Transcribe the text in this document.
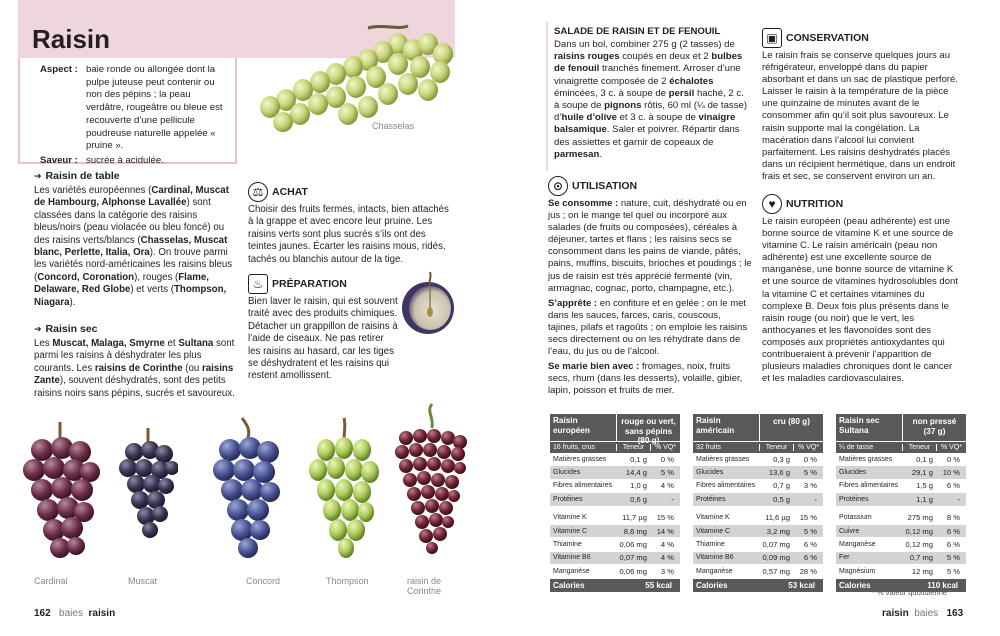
Raisin
Aspect : baie ronde ou allongée dont la pulpe juteuse peut contenir ou non des pépins ; la peau verdâtre, rougeâtre ou bleue est recouverte d’une pellicule poudreuse naturelle appelée « pruine ».
Saveur : sucrée à acidulée.
Chasselas
➔ Raisin de table
Les variétés européennes (Cardinal, Muscat de Hambourg, Alphonse Lavallée) sont classées dans la catégorie des raisins bleus/noirs (peau violacée ou bleu foncé) ou des raisins verts/blancs (Chasselas, Muscat blanc, Perlette, Italia, Ora). On trouve parmi les variétés nord-américaines les raisins bleus (Concord, Coronation), rouges (Flame, Delaware, Red Globe) et verts (Thompson, Niagara).
➔ Raisin sec
Les Muscat, Malaga, Smyrne et Sultana sont parmi les raisins à déshydrater les plus courants. Les raisins de Corinthe (ou raisins Zante), souvent déshydratés, sont des petits raisins noirs sans pépins, sucrés et savoureux.
⚖ ACHAT
Choisir des fruits fermes, intacts, bien attachés à la grappe et avec encore leur pruine. Les raisins verts sont plus sucrés s’ils ont des teintes jaunes. Écarter les raisins mous, ridés, tachés ou blanchis autour de la tige.
♨ PRÉPARATION
Bien laver le raisin, qui est souvent traité avec des produits chimiques. Détacher un grappillon de raisins à l’aide de ciseaux. Ne pas retirer les raisins au hasard, car les tiges se déshydratent et les raisins qui restent amollissent.
Cardinal	Muscat	Concord	Thompson	raisin de Corinthe
162 baies raisin
SALADE DE RAISIN ET DE FENOUIL
Dans un bol, combiner 275 g (2 tasses) de raisins rouges coupés en deux et 2 bulbes de fenouil tranchés finement. Arroser d’une vinaigrette composée de 2 échalotes émincées, 3 c. à soupe de persil haché, 2 c. à soupe de pignons rôtis, 60 ml (¼ de tasse) d’huile d’olive et 3 c. à soupe de vinaigre balsamique. Saler et poivrer. Répartir dans des assiettes et garnir de copeaux de parmesan.
⊙ UTILISATION
Se consomme : nature, cuit, déshydraté ou en jus ; on le mange tel quel ou incorporé aux salades (de fruits ou composées), céréales à déjeuner, tartes et flans ; les raisins secs se consomment dans les pains de viande, pâtés, pains, muffins, biscuits, brioches et poudings ; le jus de raisin est très apprécié fermenté (vin, armagnac, cognac, porto, champagne, etc.).
S’apprête : en confiture et en gelée ; on le met dans les sauces, farces, caris, couscous, tajines, pilafs et ragoûts ; on emploie les raisins secs directement ou on les réhydrate dans de l’eau, du jus ou de l’alcool.
Se marie bien avec : fromages, noix, fruits secs, rhum (dans les desserts), volaille, gibier, lapin, poisson et fruits de mer.
▣ CONSERVATION
Le raisin frais se conserve quelques jours au réfrigérateur, enveloppé dans du papier absorbant et dans un sac de plastique perforé. Laisser le raisin à la température de la pièce une quinzaine de minutes avant de le consommer afin qu’il soit plus savoureux. Le raisin supporte mal la congélation. La macération dans l’alcool lui convient parfaitement. Les raisins déshydratés placés dans un récipient hermétique, dans un endroit frais et sec, se conservent environ un an.
♥ NUTRITION
Le raisin européen (peau adhérente) est une bonne source de vitamine K et une source de vitamine C. Le raisin américain (peau non adhérente) est une excellente source de manganèse, une bonne source de vitamine K et une source de vitamines hydrosolubles dont la vitamine C et certaines vitamines du complexe B. Deux fois plus présents dans le raisin rouge (ou noir) que le vert, les anthocyanes et les flavonoïdes sont des composés aux propriétés antioxydantes qui contribueraient à prévenir l’apparition de plusieurs maladies chroniques dont le cancer et les maladies cardiovasculaires.
Raisin européen
rouge ou vert, sans pépins (80 g)
16 fruits, crus	Teneur	% VQ*
Matières grasses	0,1 g	0 %
Glucides	14,4 g	5 %
Fibres alimentaires	1,0 g	4 %
Protéines	0,6 g	-
Vitamine K	11,7 µg	15 %
Vitamine C	8,6 mg	14 %
Thiamine	0,06 mg	4 %
Vitamine B6	0,07 mg	4 %
Manganèse	0,06 mg	3 %
Calories	55 kcal
Raisin américain
cru (80 g)
32 fruits	Teneur	% VQ*
Matières grasses	0,3 g	0 %
Glucides	13,6 g	5 %
Fibres alimentaires	0,7 g	3 %
Protéines	0,5 g	-
Vitamine K	11,6 µg	15 %
Vitamine C	3,2 mg	5 %
Thiamine	0,07 mg	6 %
Vitamine B6	0,09 mg	6 %
Manganèse	0,57 mg	28 %
Calories	53 kcal
Raisin sec Sultana
non pressé (37 g)
¼ de tasse	Teneur	% VQ*
Matières grasses	0,1 g	0 %
Glucides	29,1 g	10 %
Fibres alimentaires	1,5 g	6 %
Protéines	1,1 g	-
Potassium	275 mg	8 %
Cuivre	0,12 mg	6 %
Manganèse	0,12 mg	6 %
Fer	0,7 mg	5 %
Magnésium	12 mg	5 %
Calories	110 kcal
* % valeur quotidienne
raisin baies 163
